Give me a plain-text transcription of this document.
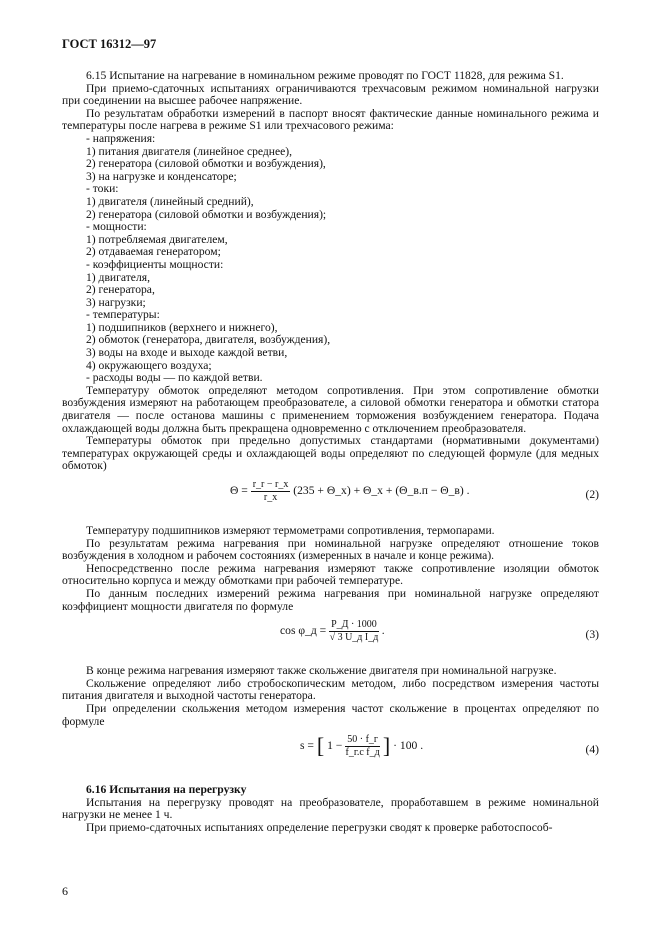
ГОСТ 16312—97

6.15 Испытание на нагревание в номинальном режиме проводят по ГОСТ 11828, для режима S1.

При приемо-сдаточных испытаниях ограничиваются трехчасовым режимом номинальной нагрузки при соединении на высшее рабочее напряжение.

По результатам обработки измерений в паспорт вносят фактические данные номинального режима и температуры после нагрева в режиме S1 или трехчасового режима:

- напряжения:

1) питания двигателя (линейное среднее),

2) генератора (силовой обмотки и возбуждения),

3) на нагрузке и конденсаторе;

- токи:

1) двигателя (линейный средний),

2) генератора (силовой обмотки и возбуждения);

- мощности:

1) потребляемая двигателем,

2) отдаваемая генератором;

- коэффициенты мощности:

1) двигателя,

2) генератора,

3) нагрузки;

- температуры:

1) подшипников (верхнего и нижнего),

2) обмоток (генератора, двигателя, возбуждения),

3) воды на входе и выходе каждой ветви,

4) окружающего воздуха;

- расходы воды — по каждой ветви.

Температуру обмоток определяют методом сопротивления. При этом сопротивление обмотки возбуждения измеряют на работающем преобразователе, а силовой обмотки генератора и обмотки статора двигателя — после останова машины с применением торможения возбуждением генератора. Подача охлаждающей воды должна быть прекращена одновременно с отключением преобразователя.

Температуры обмоток при предельно допустимых стандартами (нормативными документами) температурах окружающей среды и охлаждающей воды определяют по следующей формуле (для медных обмоток)

$\Theta = \frac{r\_r - r\_x}{r\_x} (235$ + Θ_x) + Θ_x + (Θ_в.п − Θ_в) .	(2)

Температуру подшипников измеряют термометрами сопротивления, термопарами.

По результатам режима нагревания при номинальной нагрузке определяют отношение токов возбуждения в холодном и рабочем состояниях (измеренных в начале и конце режима).

Непосредственно после режима нагревания измеряют также сопротивление изоляции обмоток относительно корпуса и между обмотками при рабочей температуре.

По данным последних измерений режима нагревания при номинальной нагрузке определяют коэффициент мощности двигателя по формуле

cos φ_д = $\frac{P\_Д \cdot 1000}{\text{√ 3 U\_д I\_д}}$ .	(3)

В конце режима нагревания измеряют также скольжение двигателя при номинальной нагрузке.

Скольжение определяют либо стробоскопическим методом, либо посредством измерения частоты питания двигателя и выходной частоты генератора.

При определении скольжения методом измерения частот скольжение в процентах определяют по формуле

s = [ $1 - \frac{50 \cdot f\_г}{\text{f\_г.с f\_д}}$ ] · 100 .	(4)

6.16 Испытания на перегрузку

Испытания на перегрузку проводят на преобразователе, проработавшем в режиме номинальной нагрузки не менее 1 ч.

При приемо-сдаточных испытаниях определение перегрузки сводят к проверке работоспособ-

6
